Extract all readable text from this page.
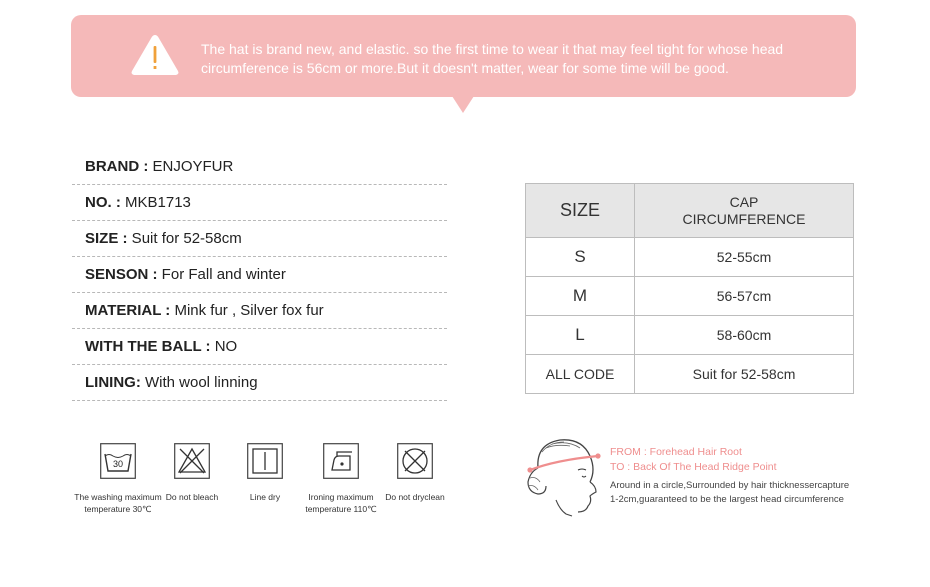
The hat is brand new, and elastic. so the first time to wear it that may feel tight for whose head circumference is 56cm or more.But it doesn't matter, wear for some time will be good.

BRAND : ENJOYFUR
NO. : MKB1713
SIZE : Suit for 52-58cm
SENSON : For Fall and winter
MATERIAL : Mink fur , Silver fox fur
WITH THE BALL : NO
LINING: With wool linning
SIZE	CAP
CIRCUMFERENCE
S	52-55cm
M	56-57cm
L	58-60cm
ALL CODE	Suit for 52-58cm
30
The washing maximum temperature 30℃
Do not bleach	Line dry	Ironing maximum temperature 110℃
Do not dryclean
FROM : Forehead Hair Root
TO : Back Of The Head Ridge Point
Around in a circle,Surrounded by hair thicknessercapture
1-2cm,guaranteed to be the largest head circumference
